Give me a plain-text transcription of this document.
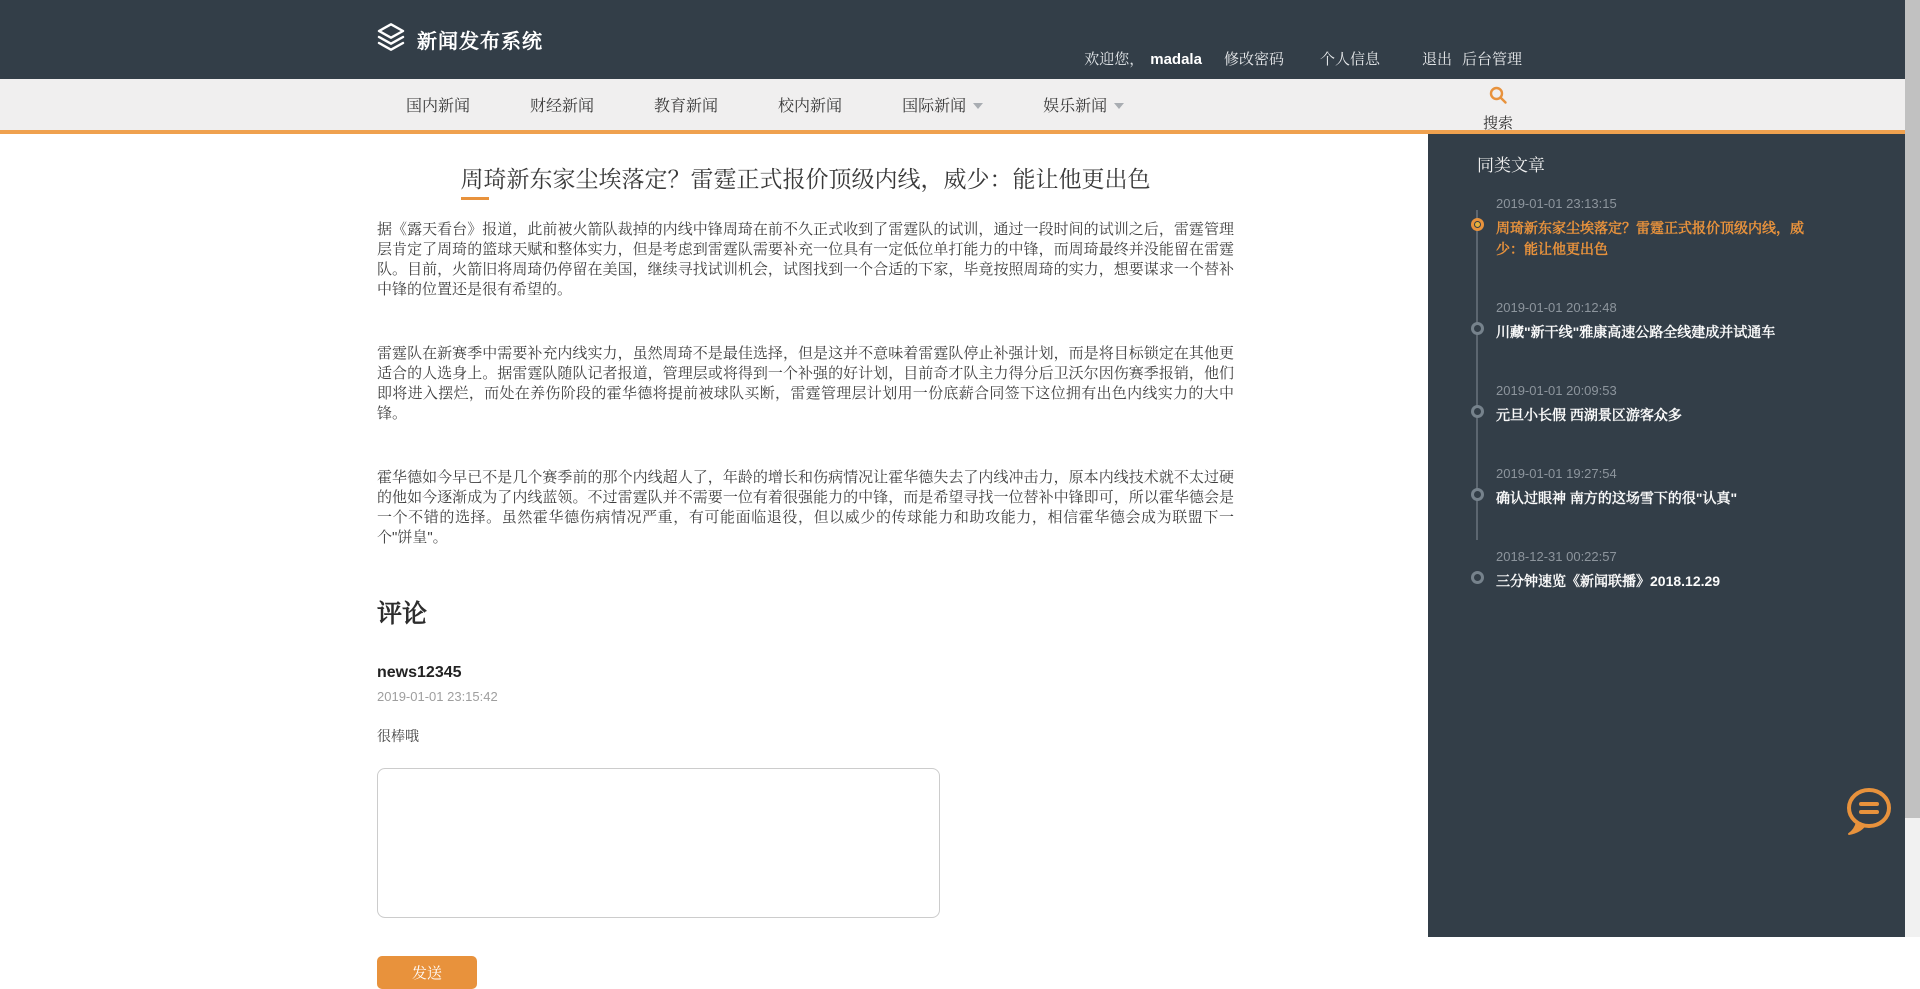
新闻发布系统
欢迎您， madala 修改密码 个人信息	退出 后台管理
国内新闻	财经新闻	教育新闻	校内新闻	国际新闻	娱乐新闻
搜索
周琦新东家尘埃落定？雷霆正式报价顶级内线，威少：能让他更出色

据《露天看台》报道，此前被火箭队裁掉的内线中锋周琦在前不久正式收到了雷霆队的试训，通过一段时间的试训之后，雷霆管理层肯定了周琦的篮球天赋和整体实力，但是考虑到雷霆队需要补充一位具有一定低位单打能力的中锋，而周琦最终并没能留在雷霆队。目前，火箭旧将周琦仍停留在美国，继续寻找试训机会，试图找到一个合适的下家，毕竟按照周琦的实力，想要谋求一个替补中锋的位置还是很有希望的。

雷霆队在新赛季中需要补充内线实力，虽然周琦不是最佳选择，但是这并不意味着雷霆队停止补强计划，而是将目标锁定在其他更适合的人选身上。据雷霆队随队记者报道，管理层或将得到一个补强的好计划，目前奇才队主力得分后卫沃尔因伤赛季报销，他们即将进入摆烂，而处在养伤阶段的霍华德将提前被球队买断，雷霆管理层计划用一份底薪合同签下这位拥有出色内线实力的大中锋。

霍华德如今早已不是几个赛季前的那个内线超人了，年龄的增长和伤病情况让霍华德失去了内线冲击力，原本内线技术就不太过硬的他如今逐渐成为了内线蓝领。不过雷霆队并不需要一位有着很强能力的中锋，而是希望寻找一位替补中锋即可，所以霍华德会是一个不错的选择。虽然霍华德伤病情况严重，有可能面临退役，但以威少的传球能力和助攻能力，相信霍华德会成为联盟下一个"饼皇"。

评论
news12345
2019-01-01 23:15:42
很棒哦
发送
同类文章
2019-01-01 23:13:15
周琦新东家尘埃落定？雷霆正式报价顶级内线，威少：能让他更出色
2019-01-01 20:12:48
川藏"新干线"雅康高速公路全线建成并试通车
2019-01-01 20:09:53
元旦小长假 西湖景区游客众多
2019-01-01 19:27:54
确认过眼神 南方的这场雪下的很"认真"
2018-12-31 00:22:57
三分钟速览《新闻联播》2018.12.29
